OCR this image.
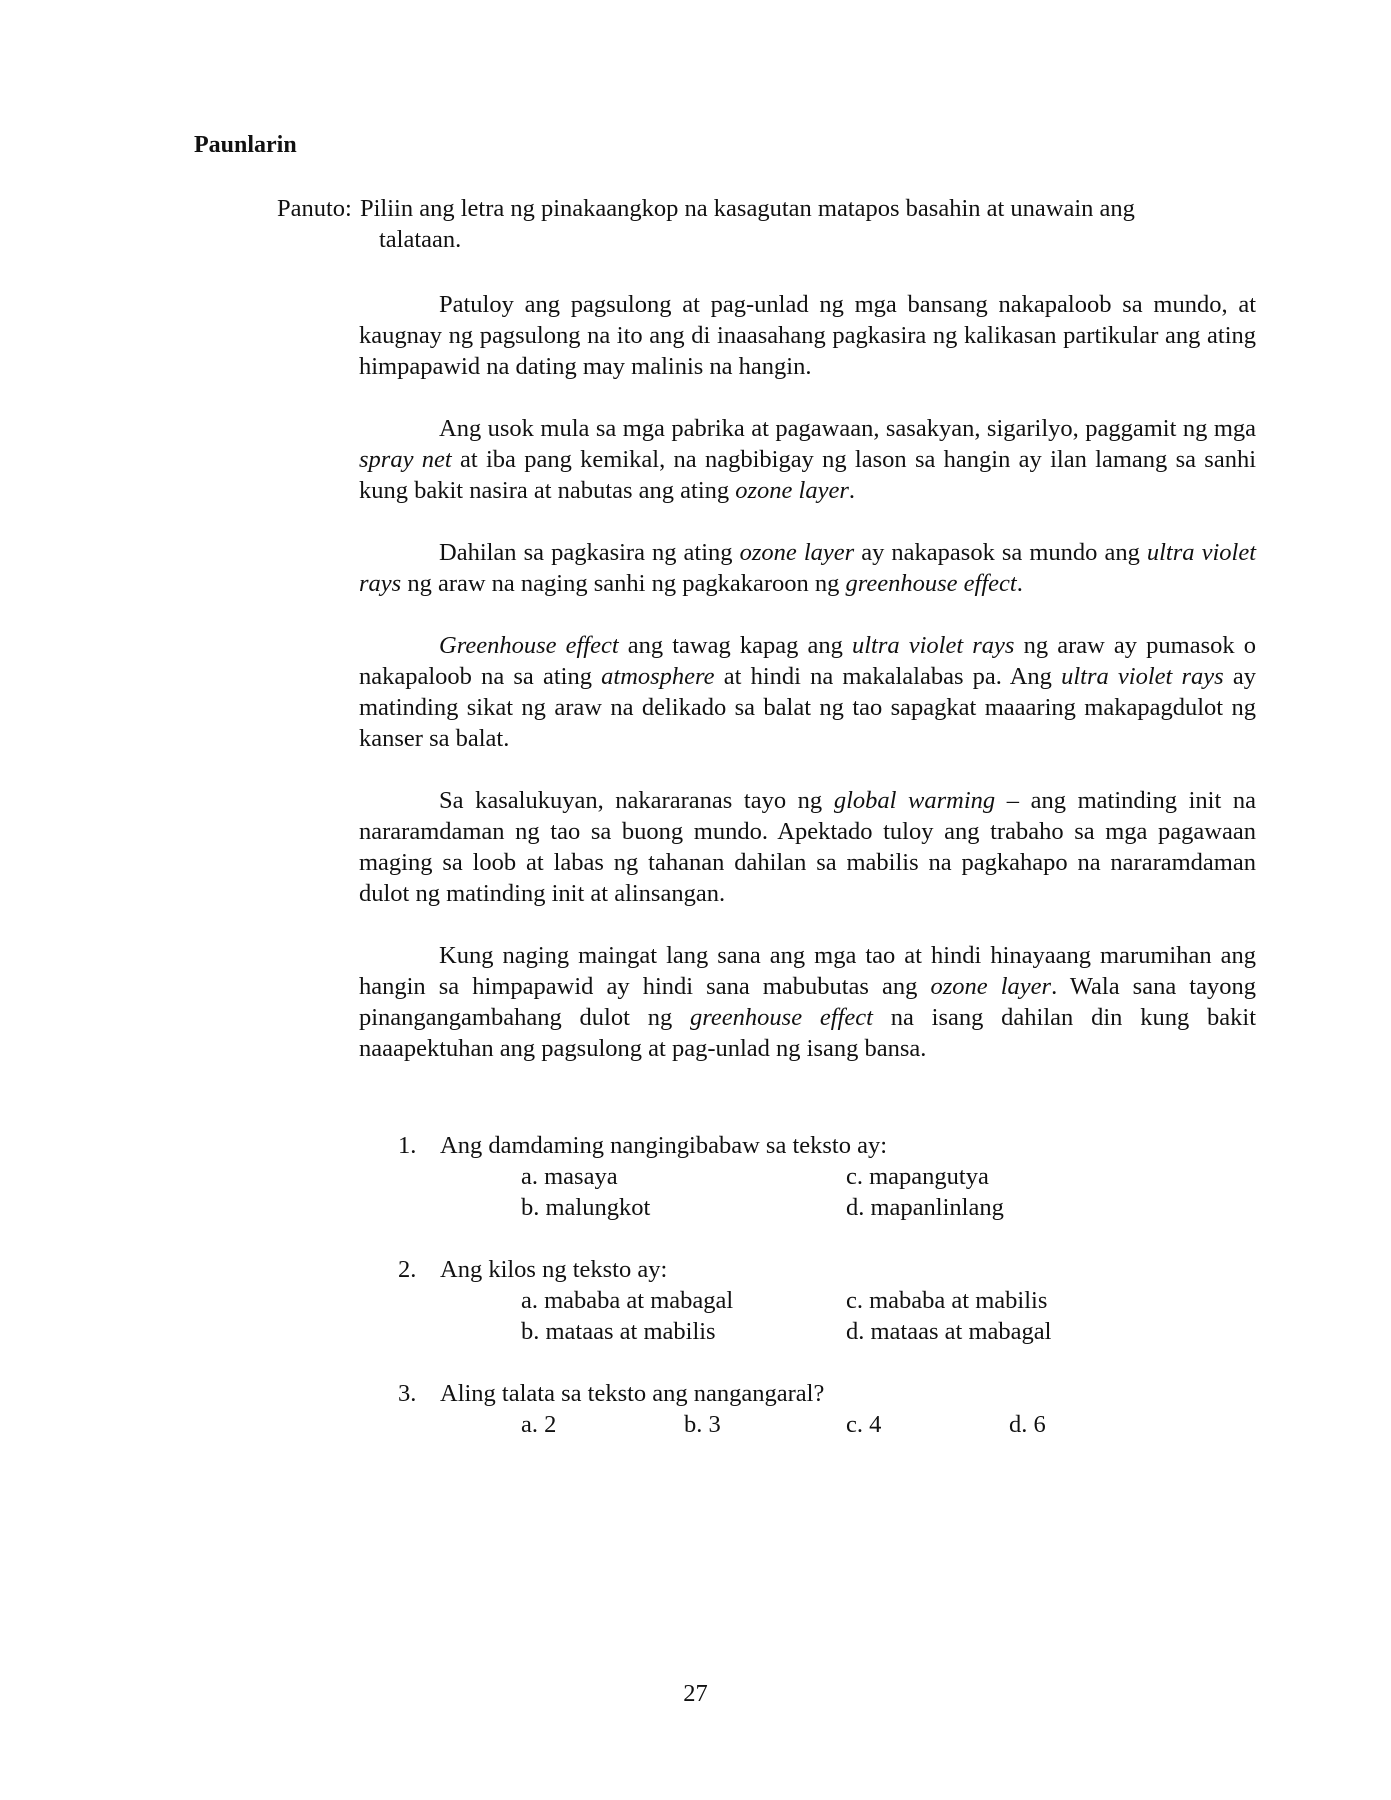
Paunlarin
Panuto: Piliin ang letra ng pinakaangkop na kasagutan matapos basahin at unawain ang
talataan.

Patuloy ang pagsulong at pag-unlad ng mga bansang nakapaloob sa mundo, at kaugnay ng pagsulong na ito ang di inaasahang pagkasira ng kalikasan partikular ang ating himpapawid na dating may malinis na hangin.

Ang usok mula sa mga pabrika at pagawaan, sasakyan, sigarilyo, paggamit ng mga spray net at iba pang kemikal, na nagbibigay ng lason sa hangin ay ilan lamang sa sanhi kung bakit nasira at nabutas ang ating ozone layer.

Dahilan sa pagkasira ng ating ozone layer ay nakapasok sa mundo ang ultra violet rays ng araw na naging sanhi ng pagkakaroon ng greenhouse effect.

Greenhouse effect ang tawag kapag ang ultra violet rays ng araw ay pumasok o nakapaloob na sa ating atmosphere at hindi na makalalabas pa. Ang ultra violet rays ay matinding sikat ng araw na delikado sa balat ng tao sapagkat maaaring makapagdulot ng kanser sa balat.

Sa kasalukuyan, nakararanas tayo ng global warming – ang matinding init na nararamdaman ng tao sa buong mundo. Apektado tuloy ang trabaho sa mga pagawaan maging sa loob at labas ng tahanan dahilan sa mabilis na pagkahapo na nararamdaman dulot ng matinding init at alinsangan.

Kung naging maingat lang sana ang mga tao at hindi hinayaang marumihan ang hangin sa himpapawid ay hindi sana mabubutas ang ozone layer. Wala sana tayong pinangangambahang dulot ng greenhouse effect na isang dahilan din kung bakit naaapektuhan ang pagsulong at pag-unlad ng isang bansa.

1. Ang damdaming nangingibabaw sa teksto ay:
a. masaya	c. mapangutya
b. malungkot	d. mapanlinlang
2. Ang kilos ng teksto ay:
a. mababa at mabagal	c. mababa at mabilis
b. mataas at mabilis	d. mataas at mabagal
3. Aling talata sa teksto ang nangangaral?
a. 2	b. 3	c. 4	d. 6
27
